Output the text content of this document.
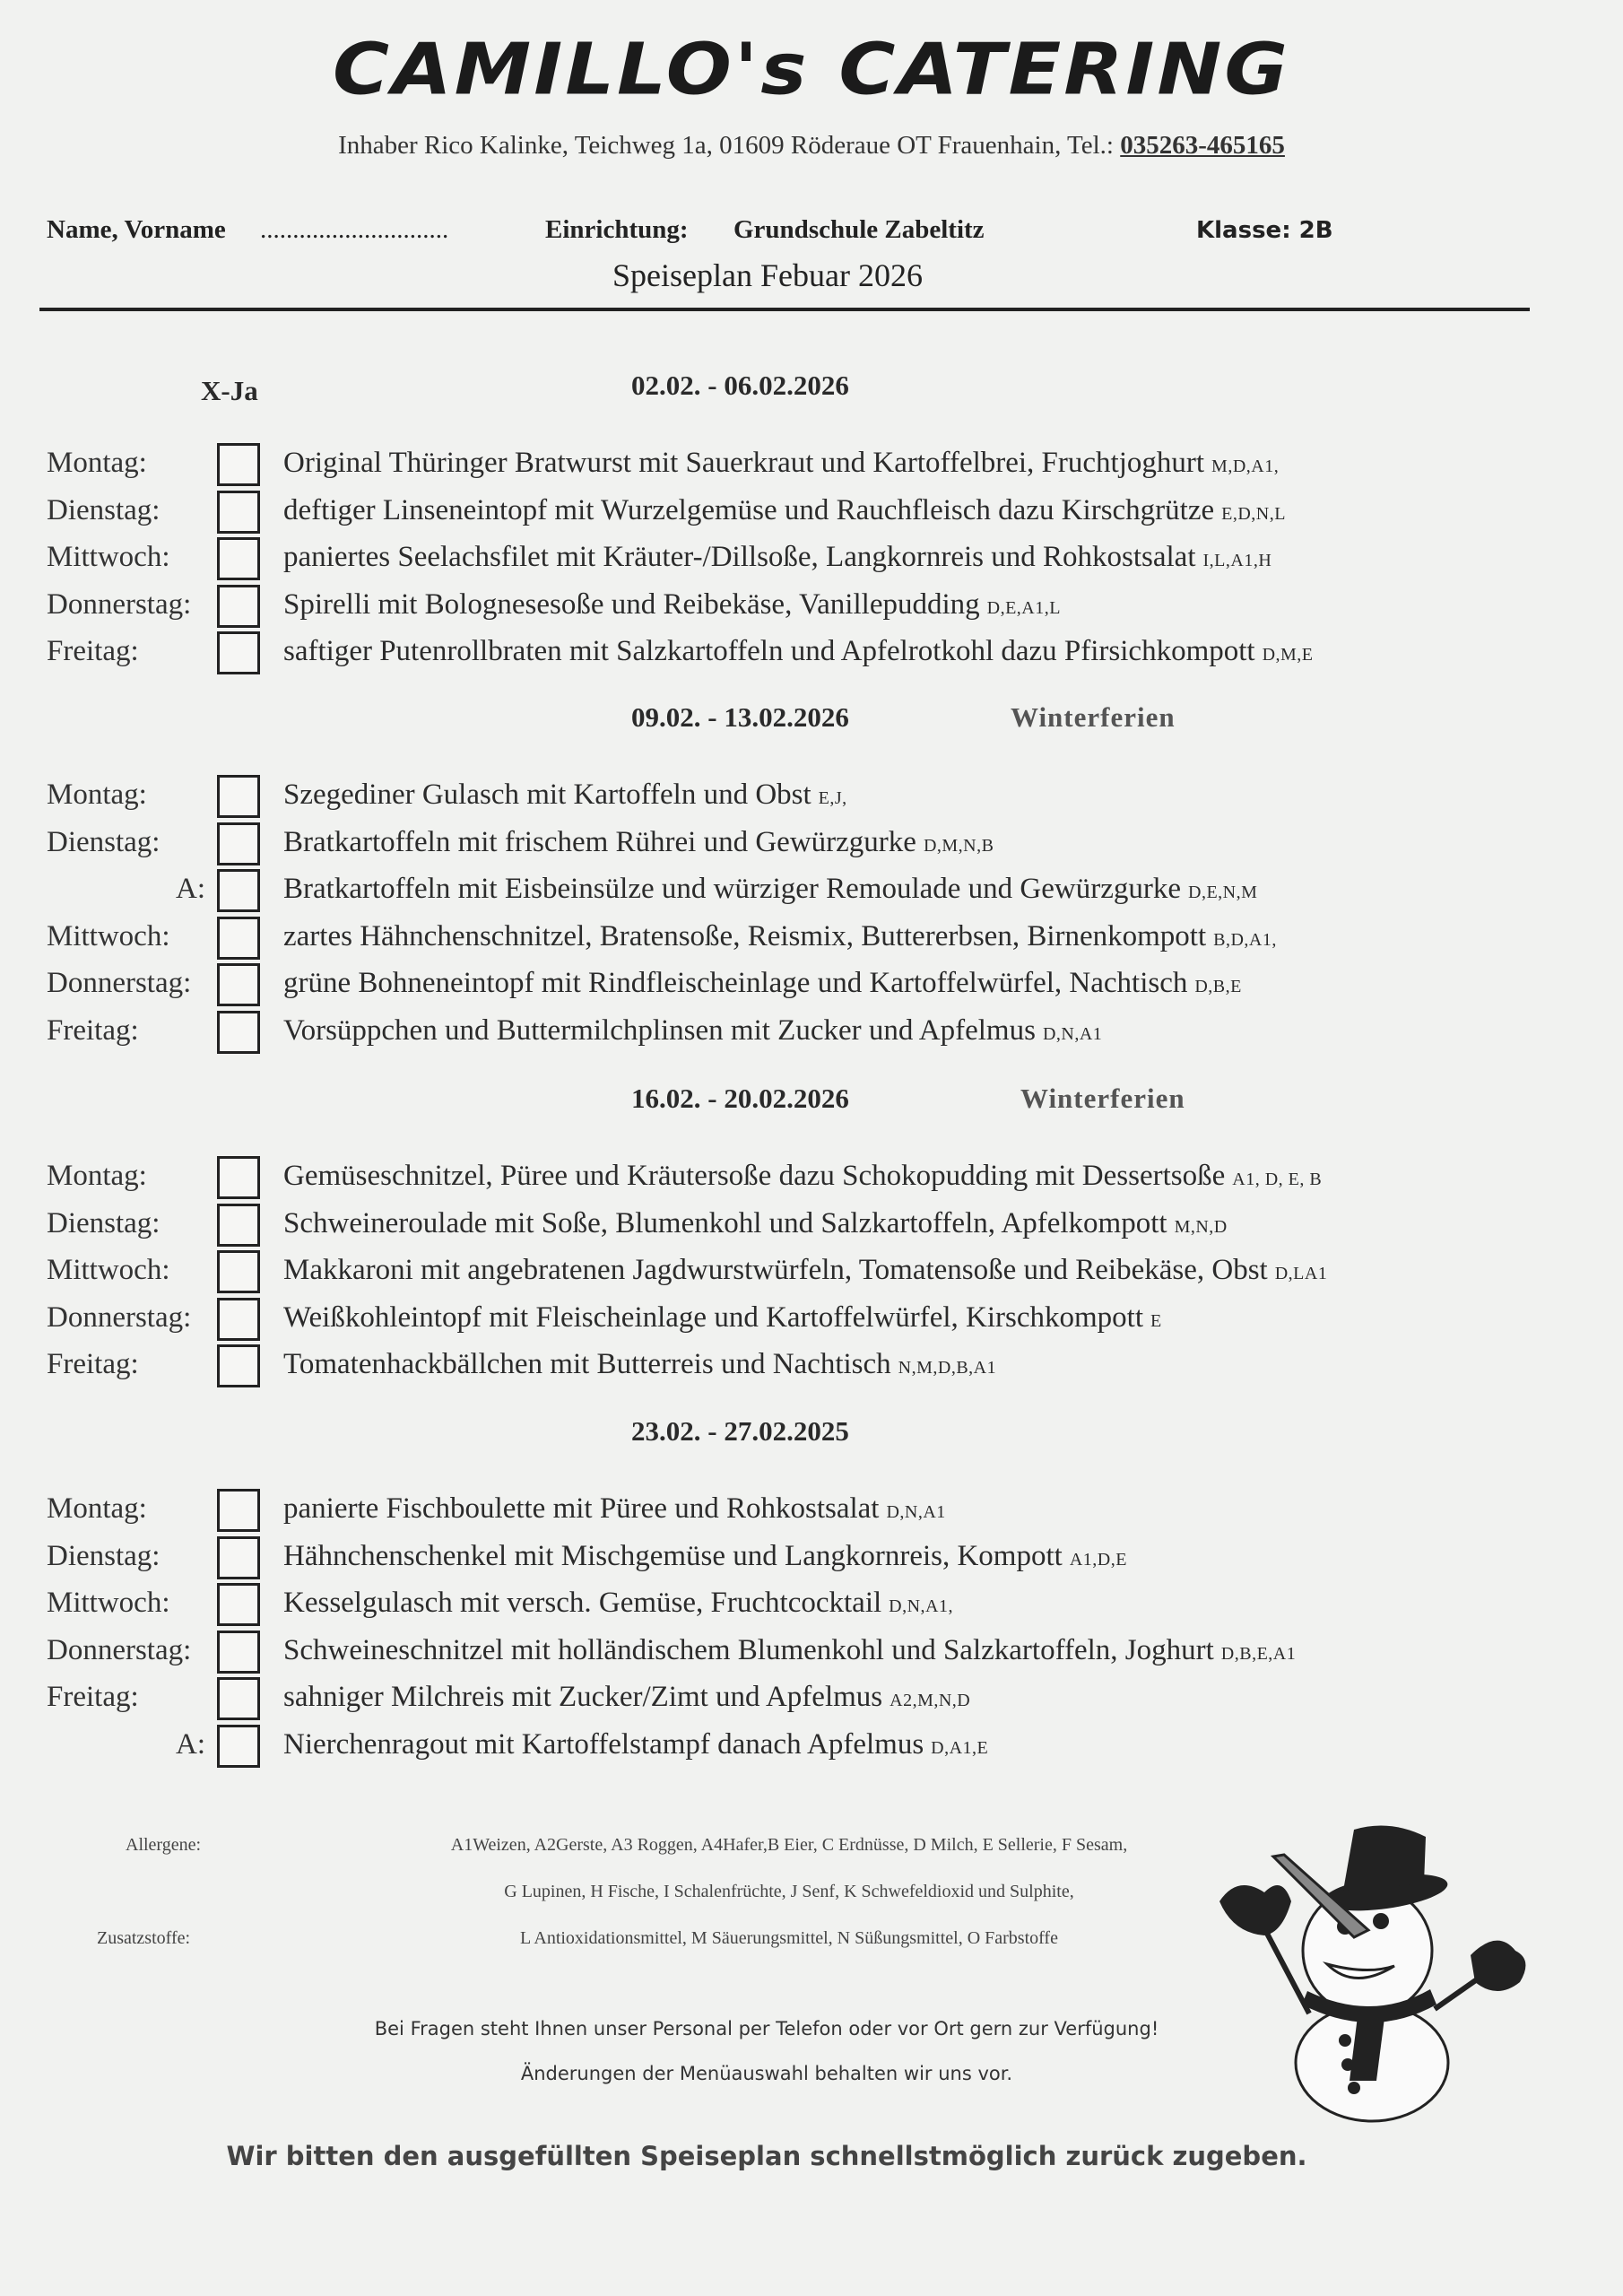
CAMILLO's CATERING
Inhaber Rico Kalinke, Teichweg 1a, 01609 Röderaue OT Frauenhain, Tel.: 035263-465165
Name, Vorname .............................	Einrichtung: Grundschule Zabeltitz	Klasse: 2B
Speiseplan Febuar 2026
X-Ja	02.02. - 06.02.2026
Montag:	Original Thüringer Bratwurst mit Sauerkraut und Kartoffelbrei, Fruchtjoghurt M,D,A1,
Dienstag:	deftiger Linseneintopf mit Wurzelgemüse und Rauchfleisch dazu Kirschgrütze E,D,N,L
Mittwoch:	paniertes Seelachsfilet mit Kräuter-/Dillsoße, Langkornreis und Rohkostsalat I,L,A1,H
Donnerstag:	Spirelli mit Bolognesesoße und Reibekäse, Vanillepudding D,E,A1,L
Freitag:	saftiger Putenrollbraten mit Salzkartoffeln und Apfelrotkohl dazu Pfirsichkompott D,M,E
09.02. - 13.02.2026	Winterferien
Montag:	Szegediner Gulasch mit Kartoffeln und Obst E,J,
Dienstag:	Bratkartoffeln mit frischem Rührei und Gewürzgurke D,M,N,B
A:	Bratkartoffeln mit Eisbeinsülze und würziger Remoulade und Gewürzgurke D,E,N,M
Mittwoch:	zartes Hähnchenschnitzel, Bratensoße, Reismix, Buttererbsen, Birnenkompott B,D,A1,
Donnerstag:	grüne Bohneneintopf mit Rindfleischeinlage und Kartoffelwürfel, Nachtisch D,B,E
Freitag:	Vorsüppchen und Buttermilchplinsen mit Zucker und Apfelmus D,N,A1
16.02. - 20.02.2026	Winterferien
Montag:	Gemüseschnitzel, Püree und Kräutersoße dazu Schokopudding mit Dessertsoße A1, D, E, B
Dienstag:	Schweineroulade mit Soße, Blumenkohl und Salzkartoffeln, Apfelkompott M,N,D
Mittwoch:	Makkaroni mit angebratenen Jagdwurstwürfeln, Tomatensoße und Reibekäse, Obst D,LA1
Donnerstag:	Weißkohleintopf mit Fleischeinlage und Kartoffelwürfel, Kirschkompott E
Freitag:	Tomatenhackbällchen mit Butterreis und Nachtisch N,M,D,B,A1
23.02. - 27.02.2025
Montag:	panierte Fischboulette mit Püree und Rohkostsalat D,N,A1
Dienstag:	Hähnchenschenkel mit Mischgemüse und Langkornreis, Kompott A1,D,E
Mittwoch:	Kesselgulasch mit versch. Gemüse, Fruchtcocktail D,N,A1,
Donnerstag:	Schweineschnitzel mit holländischem Blumenkohl und Salzkartoffeln, Joghurt D,B,E,A1
Freitag:	sahniger Milchreis mit Zucker/Zimt und Apfelmus A2,M,N,D
A:	Nierchenragout mit Kartoffelstampf danach Apfelmus D,A1,E
Allergene:	A1Weizen, A2Gerste, A3 Roggen, A4Hafer,B Eier, C Erdnüsse, D Milch, E Sellerie, F Sesam,
G Lupinen, H Fische, I Schalenfrüchte, J Senf, K Schwefeldioxid und Sulphite,
Zusatzstoffe:	L Antioxidationsmittel, M Säuerungsmittel, N Süßungsmittel, O Farbstoffe
Bei Fragen steht Ihnen unser Personal per Telefon oder vor Ort gern zur Verfügung!
Änderungen der Menüauswahl behalten wir uns vor.
Wir bitten den ausgefüllten Speiseplan schnellstmöglich zurück zugeben.
